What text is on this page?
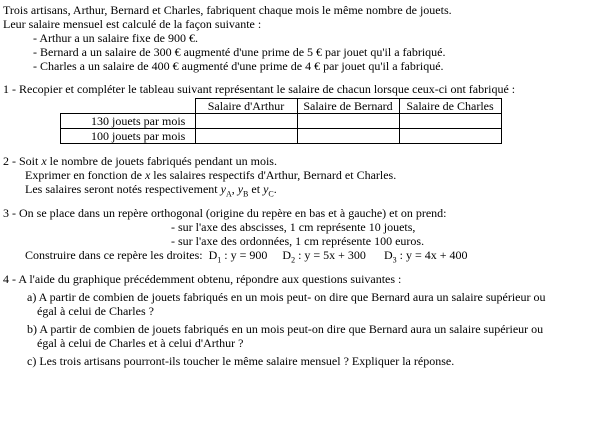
Trois artisans, Arthur, Bernard et Charles, fabriquent chaque mois le même nombre de jouets.
Leur salaire mensuel est calculé de la façon suivante :
- Arthur a un salaire fixe de 900 €.
- Bernard a un salaire de 300 € augmenté d'une prime de 5 € par jouet qu'il a fabriqué.
- Charles a un salaire de 400 € augmenté d'une prime de 4 € par jouet qu'il a fabriqué.
1 - Recopier et compléter le tableau suivant représentant le salaire de chacun lorsque ceux-ci ont fabriqué :
	Salaire d'Arthur	Salaire de Bernard	Salaire de Charles
130 jouets par mois			
100 jouets par mois			
2 - Soit x le nombre de jouets fabriqués pendant un mois.
Exprimer en fonction de x les salaires respectifs d'Arthur, Bernard et Charles.
Les salaires seront notés respectivement $y_A$, $y_B$ et $y_C$.
3 - On se place dans un repère orthogonal (origine du repère en bas et à gauche) et on prend:
- sur l'axe des abscisses, 1 cm représente 10 jouets,
- sur l'axe des ordonnées, 1 cm représente 100 euros.
Construire dans ce repère les droites: $D_1$ : y = 900 $D_2$ : y = 5x + 300 $D_3$ : y = 4x + 400
4 - A l'aide du graphique précédemment obtenu, répondre aux questions suivantes :
a) A partir de combien de jouets fabriqués en un mois peut- on dire que Bernard aura un salaire supérieur ou
égal à celui de Charles ?
b) A partir de combien de jouets fabriqués en un mois peut-on dire que Bernard aura un salaire supérieur ou
égal à celui de Charles et à celui d'Arthur ?
c) Les trois artisans pourront-ils toucher le même salaire mensuel ? Expliquer la réponse.
